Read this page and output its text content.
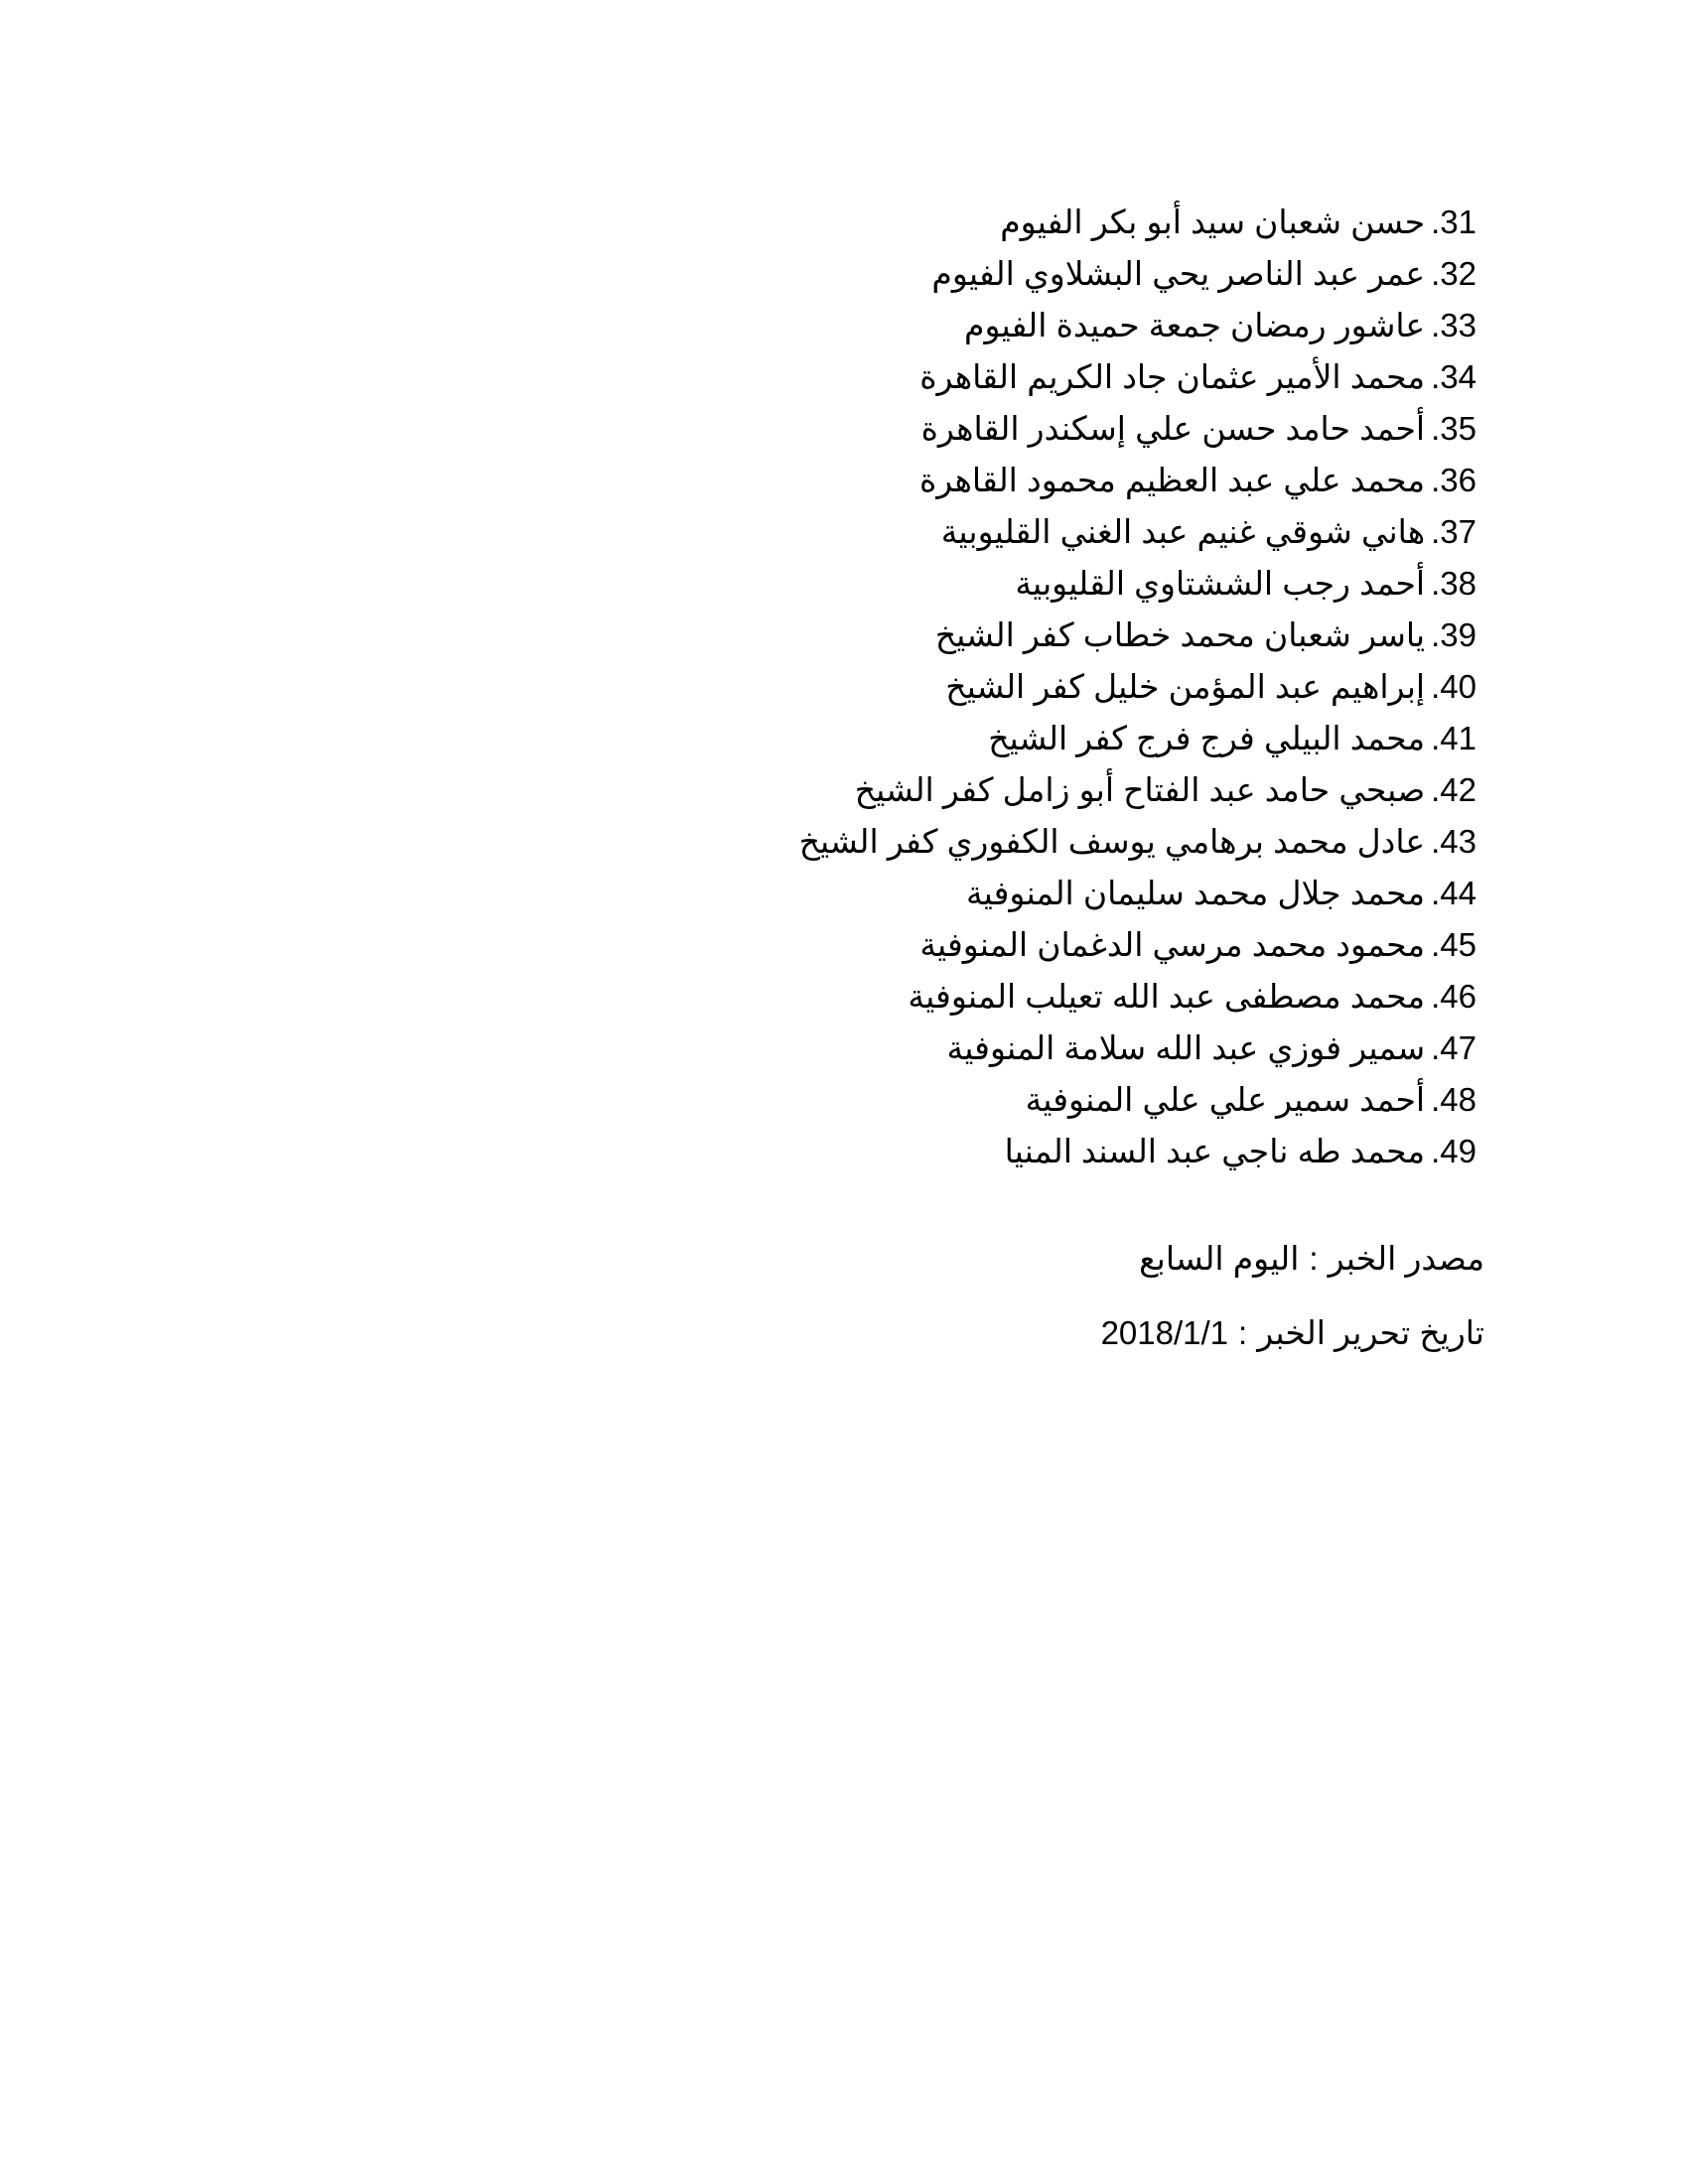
.31
حسن شعبان سيد أبو بكر الفيوم
.32
عمر عبد الناصر يحي البشلاوي الفيوم
.33
عاشور رمضان جمعة حميدة الفيوم
.34
محمد الأمير عثمان جاد الكريم القاهرة
.35
أحمد حامد حسن علي إسكندر القاهرة
.36
محمد علي عبد العظيم محمود القاهرة
.37
هاني شوقي غنيم عبد الغني القليوبية
.38
أحمد رجب الششتاوي القليوبية
.39
ياسر شعبان محمد خطاب كفر الشيخ
.40
إبراهيم عبد المؤمن خليل كفر الشيخ
.41
محمد البيلي فرج فرج كفر الشيخ
.42
صبحي حامد عبد الفتاح أبو زامل كفر الشيخ
.43
عادل محمد برهامي يوسف الكفوري كفر الشيخ
.44
محمد جلال محمد سليمان المنوفية
.45
محمود محمد مرسي الدغمان المنوفية
.46
محمد مصطفى عبد الله تعيلب المنوفية
.47
سمير فوزي عبد الله سلامة المنوفية
.48
أحمد سمير علي علي المنوفية
.49
محمد طه ناجي عبد السند المنيا
مصدر الخبر:اليوم السابع
تاريخ تحرير الخبر:2018/1/1
